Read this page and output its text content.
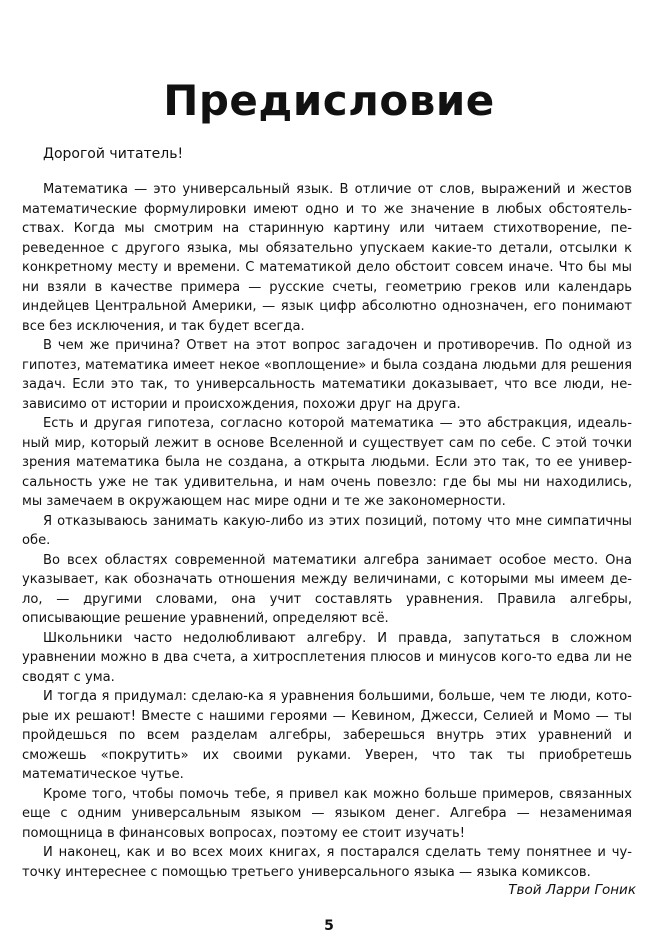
Предисловие
Дорогой читатель!

Математика — это универсальный язык. В отличие от слов, выражений и жестов математические формулировки имеют одно и то же значение в любых обстоятельствах. Когда мы смотрим на старинную картину или читаем стихотворение, переведенное с другого языка, мы обязательно упускаем какие-то детали, отсылки к конкретному месту и времени. С математикой дело обстоит совсем иначе. Что бы мы ни взяли в качестве примера — русские счеты, геометрию греков или календарь индейцев Центральной Америки, — язык цифр абсолютно однозначен, его понимают все без исключения, и так будет всегда.

В чем же причина? Ответ на этот вопрос загадочен и противоречив. По одной из гипотез, математика имеет некое «воплощение» и была создана людьми для решения задач. Если это так, то универсальность математики доказывает, что все люди, независимо от истории и происхождения, похожи друг на друга.

Есть и другая гипотеза, согласно которой математика — это абстракция, идеальный мир, который лежит в основе Вселенной и существует сам по себе. С этой точки зрения математика была не создана, а открыта людьми. Если это так, то ее универсальность уже не так удивительна, и нам очень повезло: где бы мы ни находились, мы замечаем в окружающем нас мире одни и те же закономерности.

Я отказываюсь занимать какую-либо из этих позиций, потому что мне симпатичны обе.

Во всех областях современной математики алгебра занимает особое место. Она указывает, как обозначать отношения между величинами, с которыми мы имеем дело, — другими словами, она учит составлять уравнения. Правила алгебры, описывающие решение уравнений, определяют всё.

Школьники часто недолюбливают алгебру. И правда, запутаться в сложном уравнении можно в два счета, а хитросплетения плюсов и минусов кого-то едва ли не сводят с ума.

И тогда я придумал: сделаю-ка я уравнения большими, больше, чем те люди, которые их решают! Вместе с нашими героями — Кевином, Джесси, Селией и Момо — ты пройдешься по всем разделам алгебры, заберешься внутрь этих уравнений и сможешь «покрутить» их своими руками. Уверен, что так ты приобретешь математическое чутье.

Кроме того, чтобы помочь тебе, я привел как можно больше примеров, связанных еще с одним универсальным языком — языком денег. Алгебра — незаменимая помощница в финансовых вопросах, поэтому ее стоит изучать!

И наконец, как и во всех моих книгах, я постарался сделать тему понятнее и чуточку интереснее с помощью третьего универсального языка — языка комиксов.

Твой Ларри Гоник
5
